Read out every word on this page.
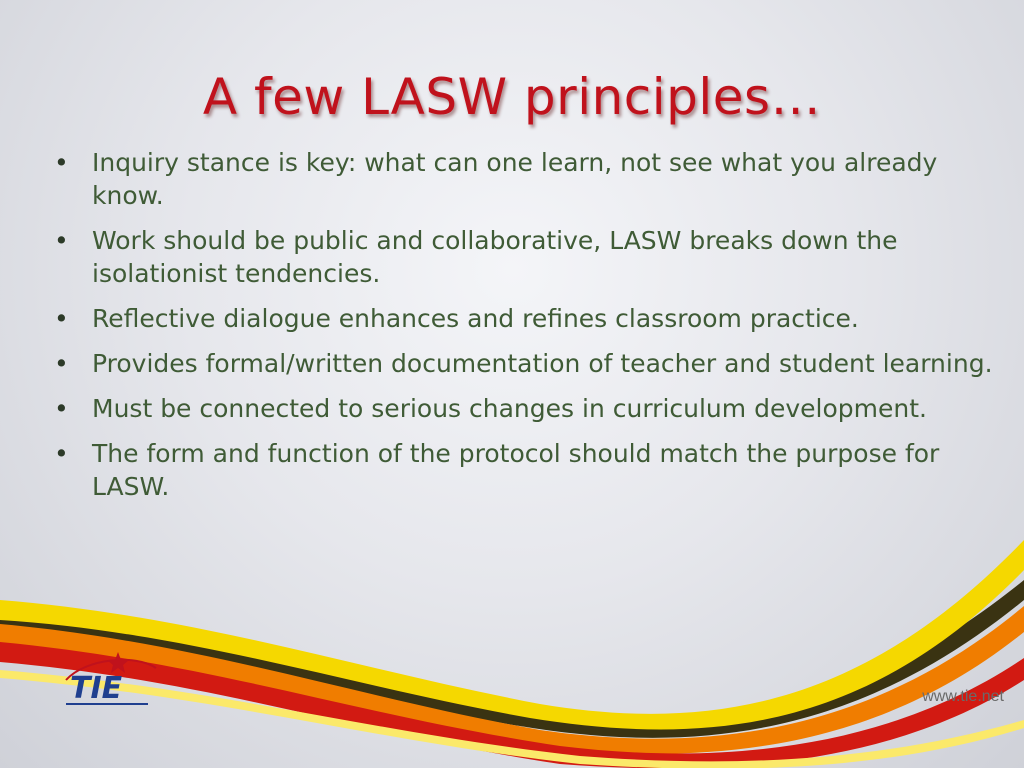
A few LASW principles…
• Inquiry stance is key: what can one learn, not see what you already know.
• Work should be public and collaborative, LASW breaks down the isolationist tendencies.
• Reflective dialogue enhances and refines classroom practice.
• Provides formal/written documentation of teacher and student learning.
• Must be connected to serious changes in curriculum development.
• The form and function of the protocol should match the purpose for LASW.
TIE	www.tie.net
